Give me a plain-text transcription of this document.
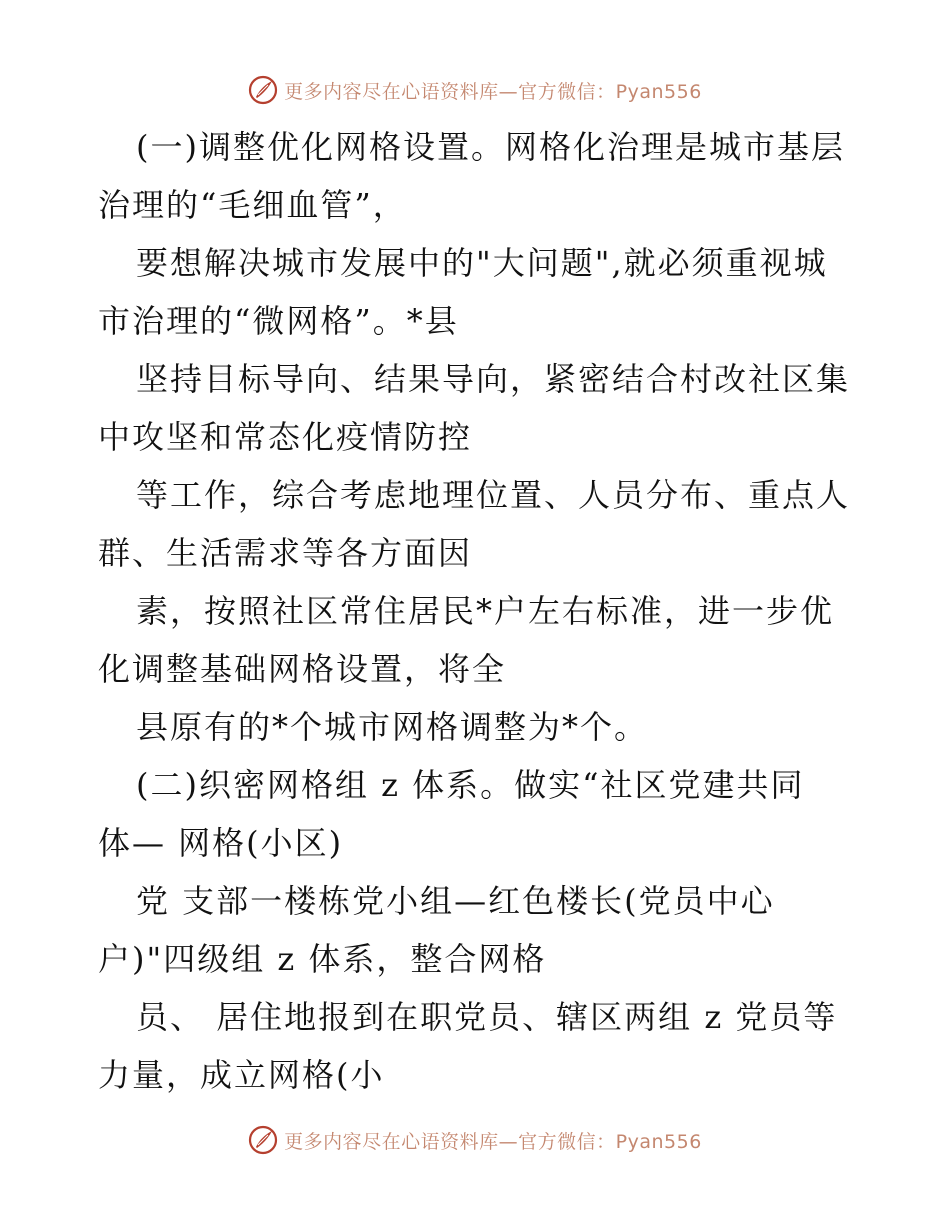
更多内容尽在心语资料库—官方微信：Pyan556
(一)调整优化网格设置。网格化治理是城市基层
治理的“毛细血管”，
要想解决城市发展中的"大问题",就必须重视城
市治理的“微网格”。*县
坚持目标导向、结果导向，紧密结合村改社区集
中攻坚和常态化疫情防控
等工作，综合考虑地理位置、人员分布、重点人
群、生活需求等各方面因
素，按照社区常住居民*户左右标准，进一步优
化调整基础网格设置，将全
县原有的*个城市网格调整为*个。
(二)织密网格组 z 体系。做实“社区党建共同
体— 网格(小区)
党 支部一楼栋党小组—红色楼长(党员中心
户)"四级组 z 体系，整合网格
员、 居住地报到在职党员、辖区两组 z 党员等
力量，成立网格(小
更多内容尽在心语资料库—官方微信：Pyan556
